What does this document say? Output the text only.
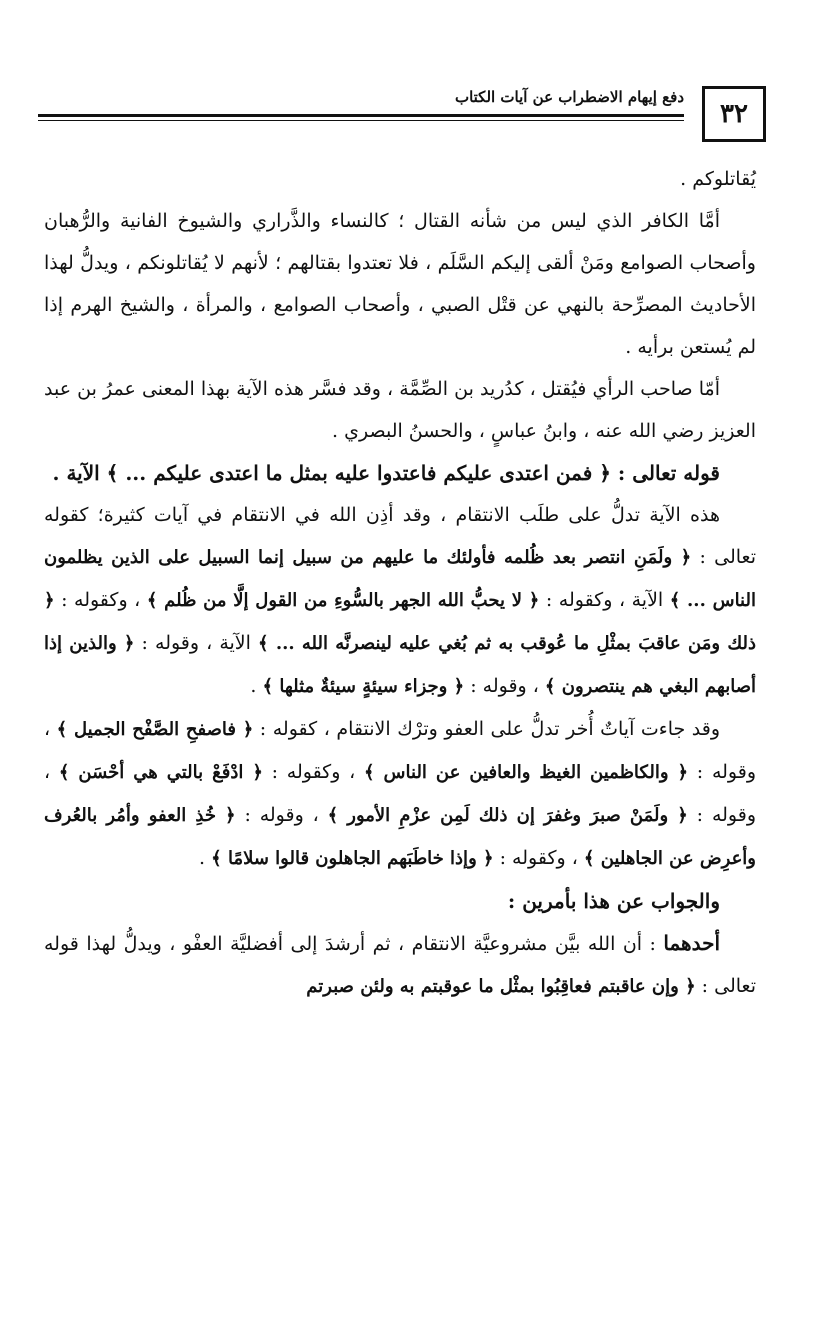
٣٢
دفع إيهام الاضطراب عن آيات الكتاب

يُقاتلوكم .

أمَّا الكافر الذي ليس من شأنه القتال ؛ كالنساء والذَّراري والشيوخ الفانية والرُّهبان وأصحاب الصوامع ومَنْ ألقى إليكم السَّلَم ، فلا تعتدوا بقتالهم ؛ لأنهم لا يُقاتلونكم ، ويدلُّ لهذا الأحاديث المصرِّحة بالنهي عن قتْل الصبي ، وأصحاب الصوامع ، والمرأة ، والشيخ الهرم إذا لم يُستعن برأيه .

أمّا صاحب الرأي فيُقتل ، كدُريد بن الصِّمَّة ، وقد فسَّر هذه الآية بهذا المعنى عمرُ بن عبد العزيز رضي الله عنه ، وابنُ عباسٍ ، والحسنُ البصري .

قوله تعالى : ﴿ فمن اعتدى عليكم فاعتدوا عليه بمثل ما اعتدى عليكم ... ﴾ الآية .

هذه الآية تدلُّ على طلَب الانتقام ، وقد أذِن الله في الانتقام في آيات كثيرة؛ كقوله تعالى : ﴿ ولَمَنِ انتصر بعد ظُلمه فأولئك ما عليهم من سبيل إنما السبيل على الذين يظلمون الناس ... ﴾ الآية ، وكقوله : ﴿ لا يحبُّ الله الجهر بالسُّوءِ من القول إلَّا من ظُلم ﴾ ، وكقوله : ﴿ ذلك ومَن عاقبَ بمثْلِ ما عُوقب به ثم بُغي عليه لينصرنَّه الله ... ﴾ الآية ، وقوله : ﴿ والذين إذا أصابهم البغي هم ينتصرون ﴾ ، وقوله : ﴿ وجزاء سيئةٍ سيئةٌ مثلها ﴾ .

وقد جاءت آياتٌ أُخر تدلُّ على العفو وترْك الانتقام ، كقوله : ﴿ فاصفحِ الصَّفْح الجميل ﴾ ، وقوله : ﴿ والكاظمين الغيظ والعافين عن الناس ﴾ ، وكقوله : ﴿ ادْفَعْ بالتي هي أحْسَن ﴾ ، وقوله : ﴿ ولَمَنْ صبرَ وغفرَ إن ذلك لَمِن عزْمِ الأمور ﴾ ، وقوله : ﴿ خُذِ العفو وأمُر بالعُرف وأعرِض عن الجاهلين ﴾ ، وكقوله : ﴿ وإذا خاطَبَهم الجاهلون قالوا سلامًا ﴾ .

والجواب عن هذا بأمرين :

أحدهما : أن الله بيَّن مشروعيَّة الانتقام ، ثم أرشدَ إلى أفضليَّة العفْو ، ويدلُّ لهذا قوله تعالى : ﴿ وإن عاقبتم فعاقِبُوا بمثْل ما عوقبتم به ولئن صبرتم
